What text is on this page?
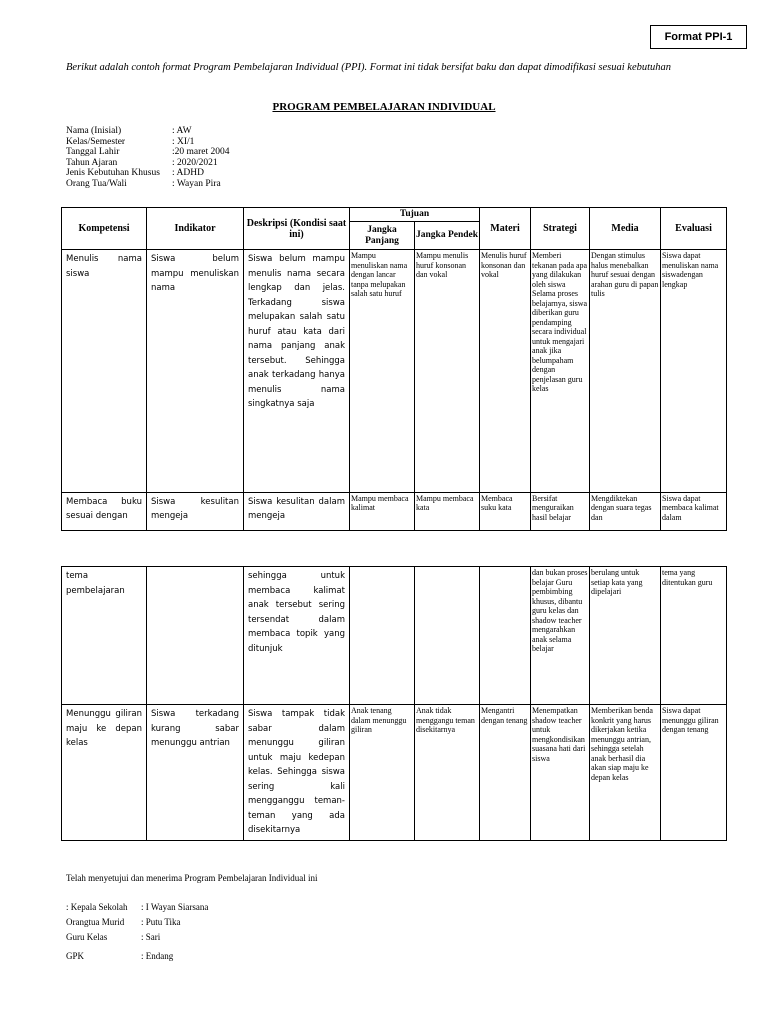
Format PPI-1
Berikut adalah contoh format Program Pembelajaran Individual (PPI). Format ini tidak bersifat baku dan dapat dimodifikasi sesuai kebutuhan
PROGRAM PEMBELAJARAN INDIVIDUAL
Nama (Inisial)	: AW
Kelas/Semester	: XI/1
Tanggal Lahir	:20 maret 2004
Tahun Ajaran	: 2020/2021
Jenis Kebutuhan Khusus	: ADHD
Orang Tua/Wali	: Wayan Pira
Kompetensi	Indikator	Deskripsi (Kondisi saat ini)	Tujuan		Materi	Strategi	Media	Evaluasi
			Jangka Panjang	Jangka Pendek				
Menulis nama siswa	Siswa belum mampu menuliskan nama	Siswa belum mampu menulis nama secara lengkap dan jelas. Terkadang siswa melupakan salah satu huruf atau kata dari nama panjang anak tersebut. Sehingga anak terkadang hanya menulis nama singkatnya saja	Mampu menuliskan nama dengan lancar tanpa melupakan salah satu huruf	Mampu menulis huruf konsonan dan vokal	Menulis huruf konsonan dan vokal	Memberi tekanan pada apa yang dilakukan oleh siswa Selama proses belajarnya, siswa diberikan guru pendamping secara individual untuk mengajari anak jika belumpaham dengan penjelasan guru kelas	Dengan stimulus halus menebalkan huruf sesuai dengan arahan guru di papan tulis	Siswa dapat menuliskan nama siswadengan lengkap
Membaca buku sesuai dengan	Siswa kesulitan mengeja	Siswa kesulitan dalam mengeja	Mampu membaca kalimat	Mampu membaca kata	Membaca suku kata	Bersifat menguraikan hasil belajar	Mengdiktekan dengan suara tegas dan	Siswa dapat membaca kalimat dalam
tema pembelajaran		sehingga untuk membaca kalimat anak tersebut sering tersendat dalam membaca topik yang ditunjuk				dan bukan proses belajar Guru pembimbing khusus, dibantu guru kelas dan shadow teacher mengarahkan anak selama belajar	berulang untuk setiap kata yang dipelajari	tema yang ditentukan guru
Menunggu giliran maju ke depan kelas	Siswa terkadang kurang sabar menunggu antrian	Siswa tampak tidak sabar dalam menunggu giliran untuk maju kedepan kelas. Sehingga siswa sering kali mengganggu teman-teman yang ada disekitarnya	Anak tenang dalam menunggu giliran	Anak tidak menggangu teman disekitarnya	Mengantri dengan tenang	Menempatkan shadow teacher untuk mengkondisikan suasana hati dari siswa	Memberikan benda konkrit yang harus dikerjakan ketika menunggu antrian, sehingga setelah anak berhasil dia akan siap maju ke depan kelas	Siswa dapat menunggu giliran dengan tenang
Telah menyetujui dan menerima Program Pembelajaran Individual ini
: Kepala Sekolah	: I Wayan Siarsana
Orangtua Murid	: Putu Tika
Guru Kelas	: Sari
GPK	: Endang
